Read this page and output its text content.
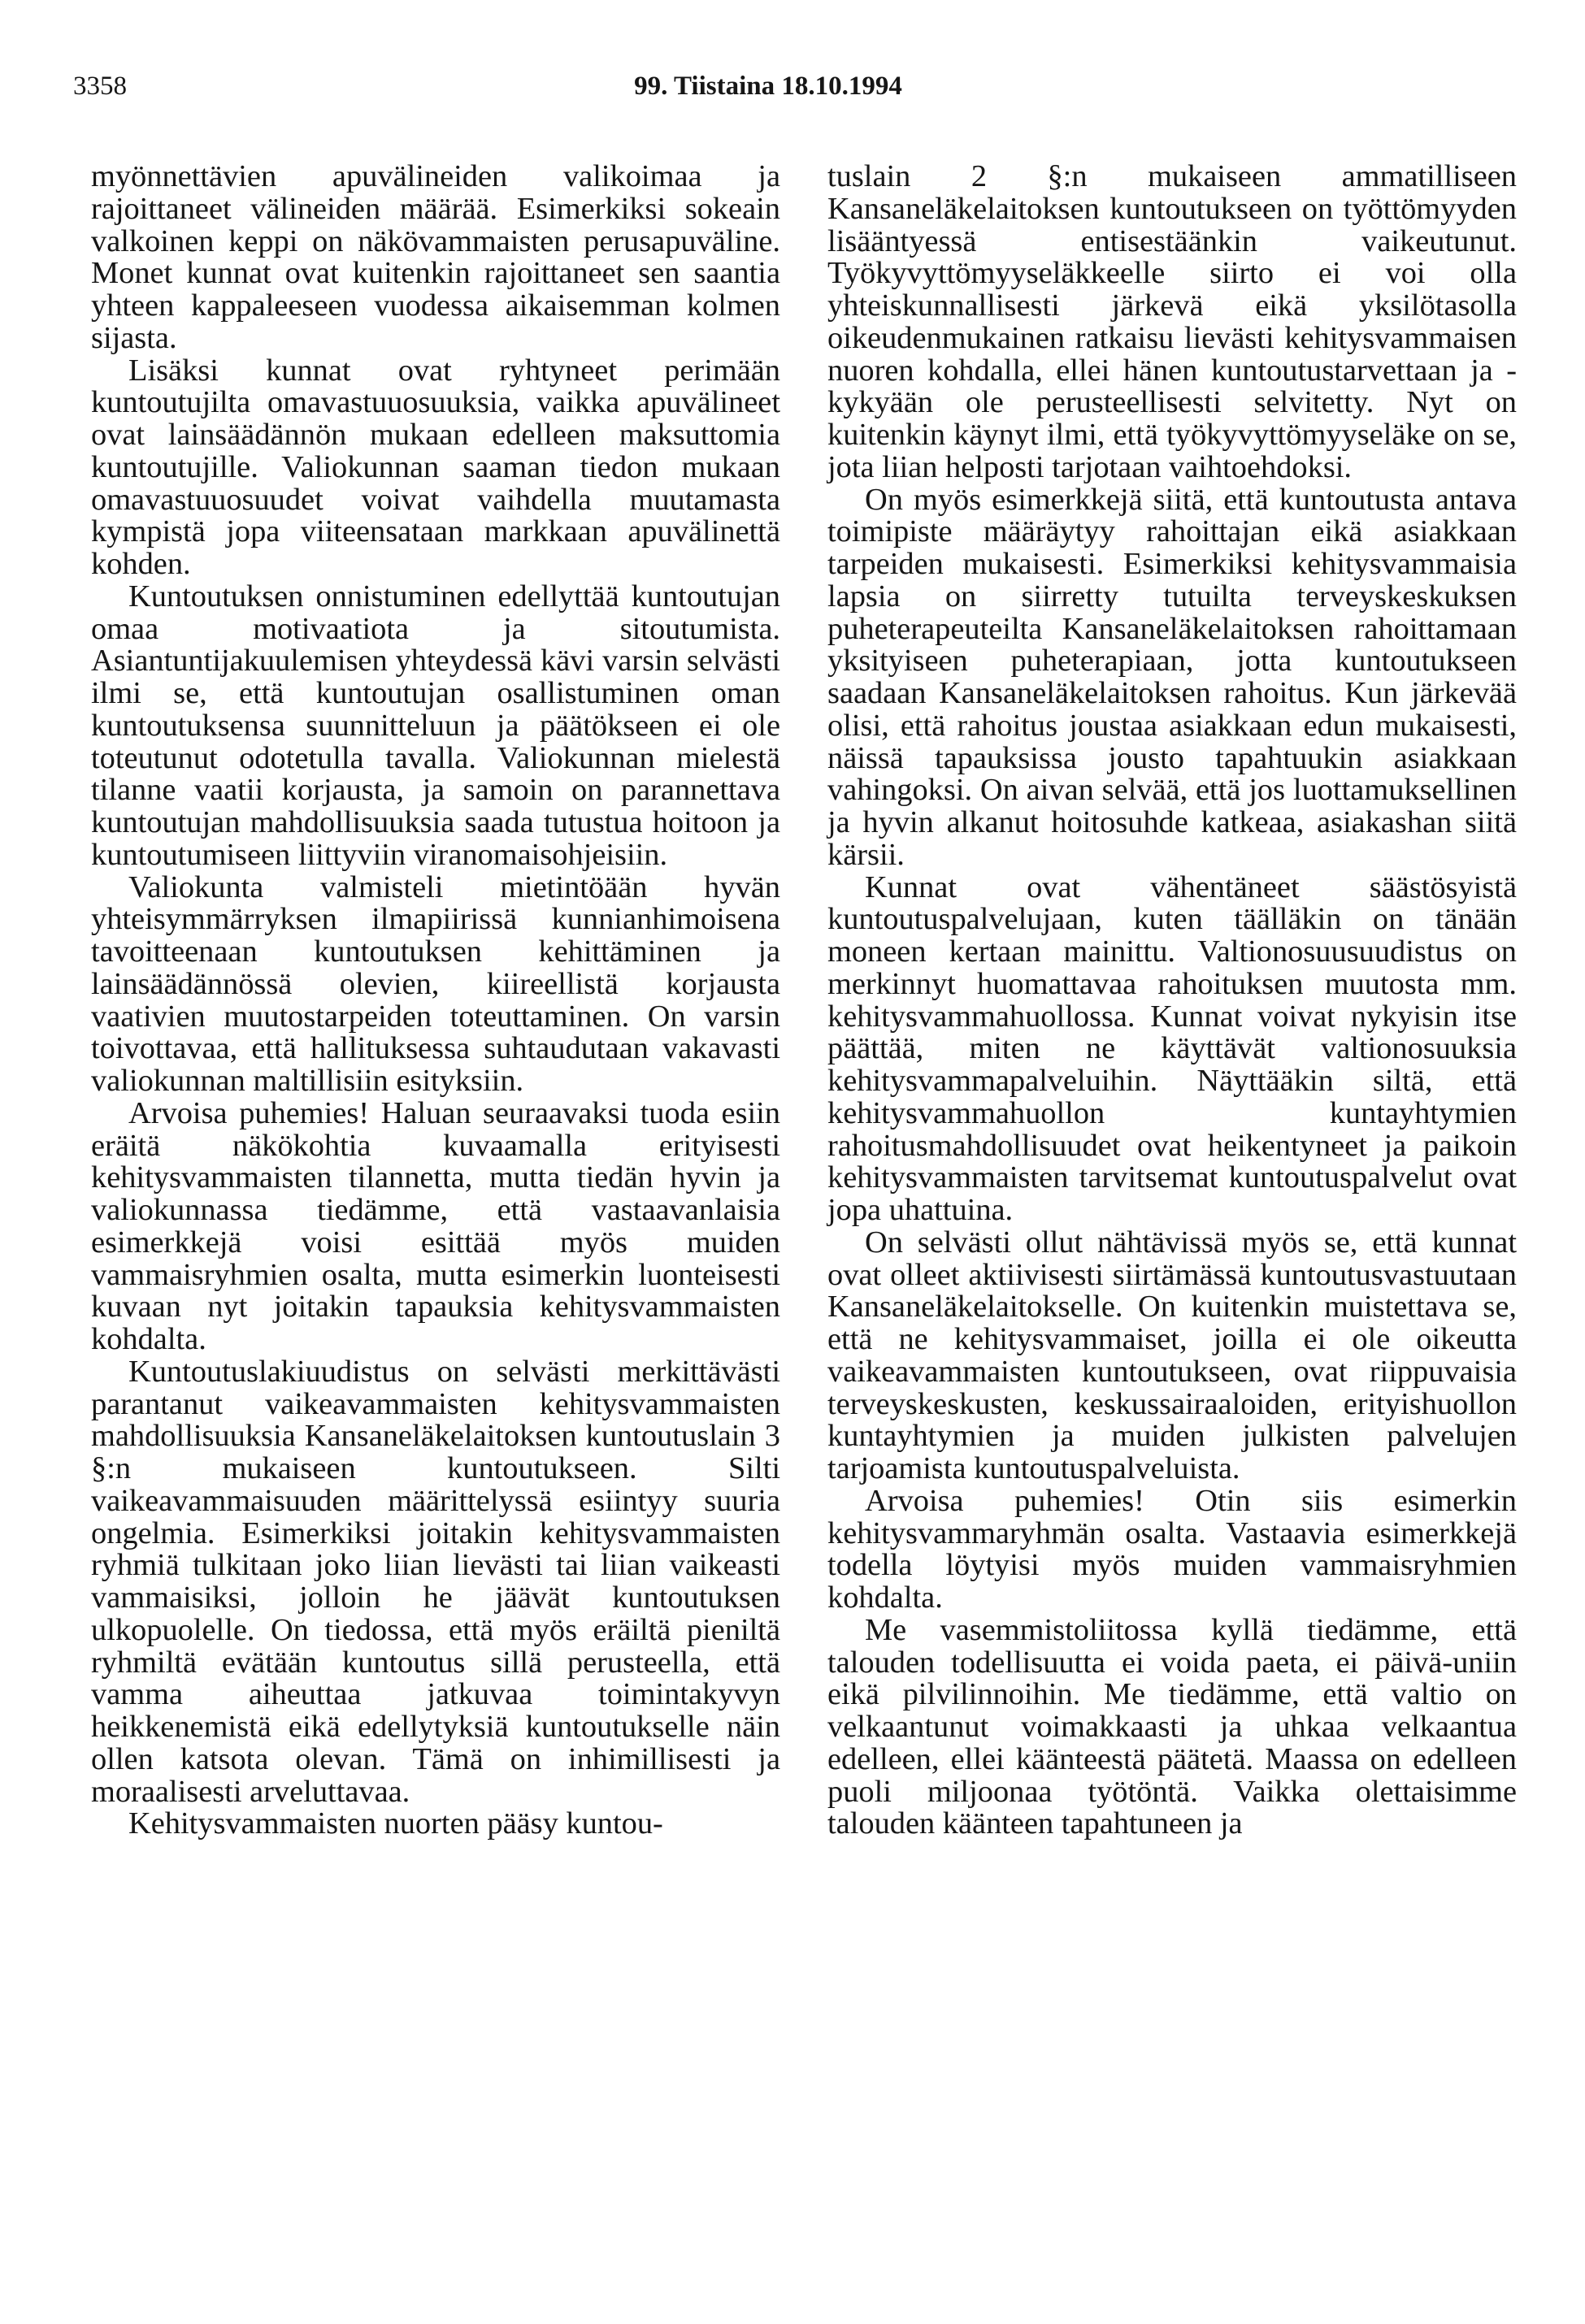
3358	99. Tiistaina 18.10.1994

myönnettävien apuvälineiden valikoimaa ja rajoittaneet välineiden määrää. Esimerkiksi sokeain valkoinen keppi on näkövammaisten perusapuväline. Monet kunnat ovat kuitenkin rajoittaneet sen saantia yhteen kappaleeseen vuodessa aikaisemman kolmen sijasta.

Lisäksi kunnat ovat ryhtyneet perimään kuntoutujilta omavastuuosuuksia, vaikka apuvälineet ovat lainsäädännön mukaan edelleen maksuttomia kuntoutujille. Valiokunnan saaman tiedon mukaan omavastuuosuudet voivat vaihdella muutamasta kympistä jopa viiteensataan markkaan apuvälinettä kohden.

Kuntoutuksen onnistuminen edellyttää kuntoutujan omaa motivaatiota ja sitoutumista. Asiantuntijakuulemisen yhteydessä kävi varsin selvästi ilmi se, että kuntoutujan osallistuminen oman kuntoutuksensa suunnitteluun ja päätökseen ei ole toteutunut odotetulla tavalla. Valiokunnan mielestä tilanne vaatii korjausta, ja samoin on parannettava kuntoutujan mahdollisuuksia saada tutustua hoitoon ja kuntoutumiseen liittyviin viranomaisohjeisiin.

Valiokunta valmisteli mietintöään hyvän yhteisymmärryksen ilmapiirissä kunnianhimoisena tavoitteenaan kuntoutuksen kehittäminen ja lainsäädännössä olevien, kiireellistä korjausta vaativien muutostarpeiden toteuttaminen. On varsin toivottavaa, että hallituksessa suhtaudutaan vakavasti valiokunnan maltillisiin esityksiin.

Arvoisa puhemies! Haluan seuraavaksi tuoda esiin eräitä näkökohtia kuvaamalla erityisesti kehitysvammaisten tilannetta, mutta tiedän hyvin ja valiokunnassa tiedämme, että vastaavanlaisia esimerkkejä voisi esittää myös muiden vammaisryhmien osalta, mutta esimerkin luonteisesti kuvaan nyt joitakin tapauksia kehitysvammaisten kohdalta.

Kuntoutuslakiuudistus on selvästi merkittävästi parantanut vaikeavammaisten kehitysvammaisten mahdollisuuksia Kansaneläkelaitoksen kuntoutuslain 3 §:n mukaiseen kuntoutukseen. Silti vaikeavammaisuuden määrittelyssä esiintyy suuria ongelmia. Esimerkiksi joitakin kehitysvammaisten ryhmiä tulkitaan joko liian lievästi tai liian vaikeasti vammaisiksi, jolloin he jäävät kuntoutuksen ulkopuolelle. On tiedossa, että myös eräiltä pieniltä ryhmiltä evätään kuntoutus sillä perusteella, että vamma aiheuttaa jatkuvaa toimintakyvyn heikkenemistä eikä edellytyksiä kuntoutukselle näin ollen katsota olevan. Tämä on inhimillisesti ja moraalisesti arveluttavaa.

Kehitysvammaisten nuorten pääsy kuntou-

tuslain 2 §:n mukaiseen ammatilliseen Kansaneläkelaitoksen kuntoutukseen on työttömyyden lisääntyessä entisestäänkin vaikeutunut. Työkyvyttömyyseläkkeelle siirto ei voi olla yhteiskunnallisesti järkevä eikä yksilötasolla oikeudenmukainen ratkaisu lievästi kehitysvammaisen nuoren kohdalla, ellei hänen kuntoutustarvettaan ja -kykyään ole perusteellisesti selvitetty. Nyt on kuitenkin käynyt ilmi, että työkyvyttömyyseläke on se, jota liian helposti tarjotaan vaihtoehdoksi.

On myös esimerkkejä siitä, että kuntoutusta antava toimipiste määräytyy rahoittajan eikä asiakkaan tarpeiden mukaisesti. Esimerkiksi kehitysvammaisia lapsia on siirretty tutuilta terveyskeskuksen puheterapeuteilta Kansaneläkelaitoksen rahoittamaan yksityiseen puheterapiaan, jotta kuntoutukseen saadaan Kansaneläkelaitoksen rahoitus. Kun järkevää olisi, että rahoitus joustaa asiakkaan edun mukaisesti, näissä tapauksissa jousto tapahtuukin asiakkaan vahingoksi. On aivan selvää, että jos luottamuksellinen ja hyvin alkanut hoitosuhde katkeaa, asiakashan siitä kärsii.

Kunnat ovat vähentäneet säästösyistä kuntoutuspalvelujaan, kuten täälläkin on tänään moneen kertaan mainittu. Valtionosuusuudistus on merkinnyt huomattavaa rahoituksen muutosta mm. kehitysvammahuollossa. Kunnat voivat nykyisin itse päättää, miten ne käyttävät valtionosuuksia kehitysvammapalveluihin. Näyttääkin siltä, että kehitysvammahuollon kuntayhtymien rahoitusmahdollisuudet ovat heikentyneet ja paikoin kehitysvammaisten tarvitsemat kuntoutuspalvelut ovat jopa uhattuina.

On selvästi ollut nähtävissä myös se, että kunnat ovat olleet aktiivisesti siirtämässä kuntoutusvastuutaan Kansaneläkelaitokselle. On kuitenkin muistettava se, että ne kehitysvammaiset, joilla ei ole oikeutta vaikeavammaisten kuntoutukseen, ovat riippuvaisia terveyskeskusten, keskussairaaloiden, erityishuollon kuntayhtymien ja muiden julkisten palvelujen tarjoamista kuntoutuspalveluista.

Arvoisa puhemies! Otin siis esimerkin kehitysvammaryhmän osalta. Vastaavia esimerkkejä todella löytyisi myös muiden vammaisryhmien kohdalta.

Me vasemmistoliitossa kyllä tiedämme, että talouden todellisuutta ei voida paeta, ei päivä-uniin eikä pilvilinnoihin. Me tiedämme, että valtio on velkaantunut voimakkaasti ja uhkaa velkaantua edelleen, ellei käänteestä päätetä. Maassa on edelleen puoli miljoonaa työtöntä. Vaikka olettaisimme talouden käänteen tapahtuneen ja
